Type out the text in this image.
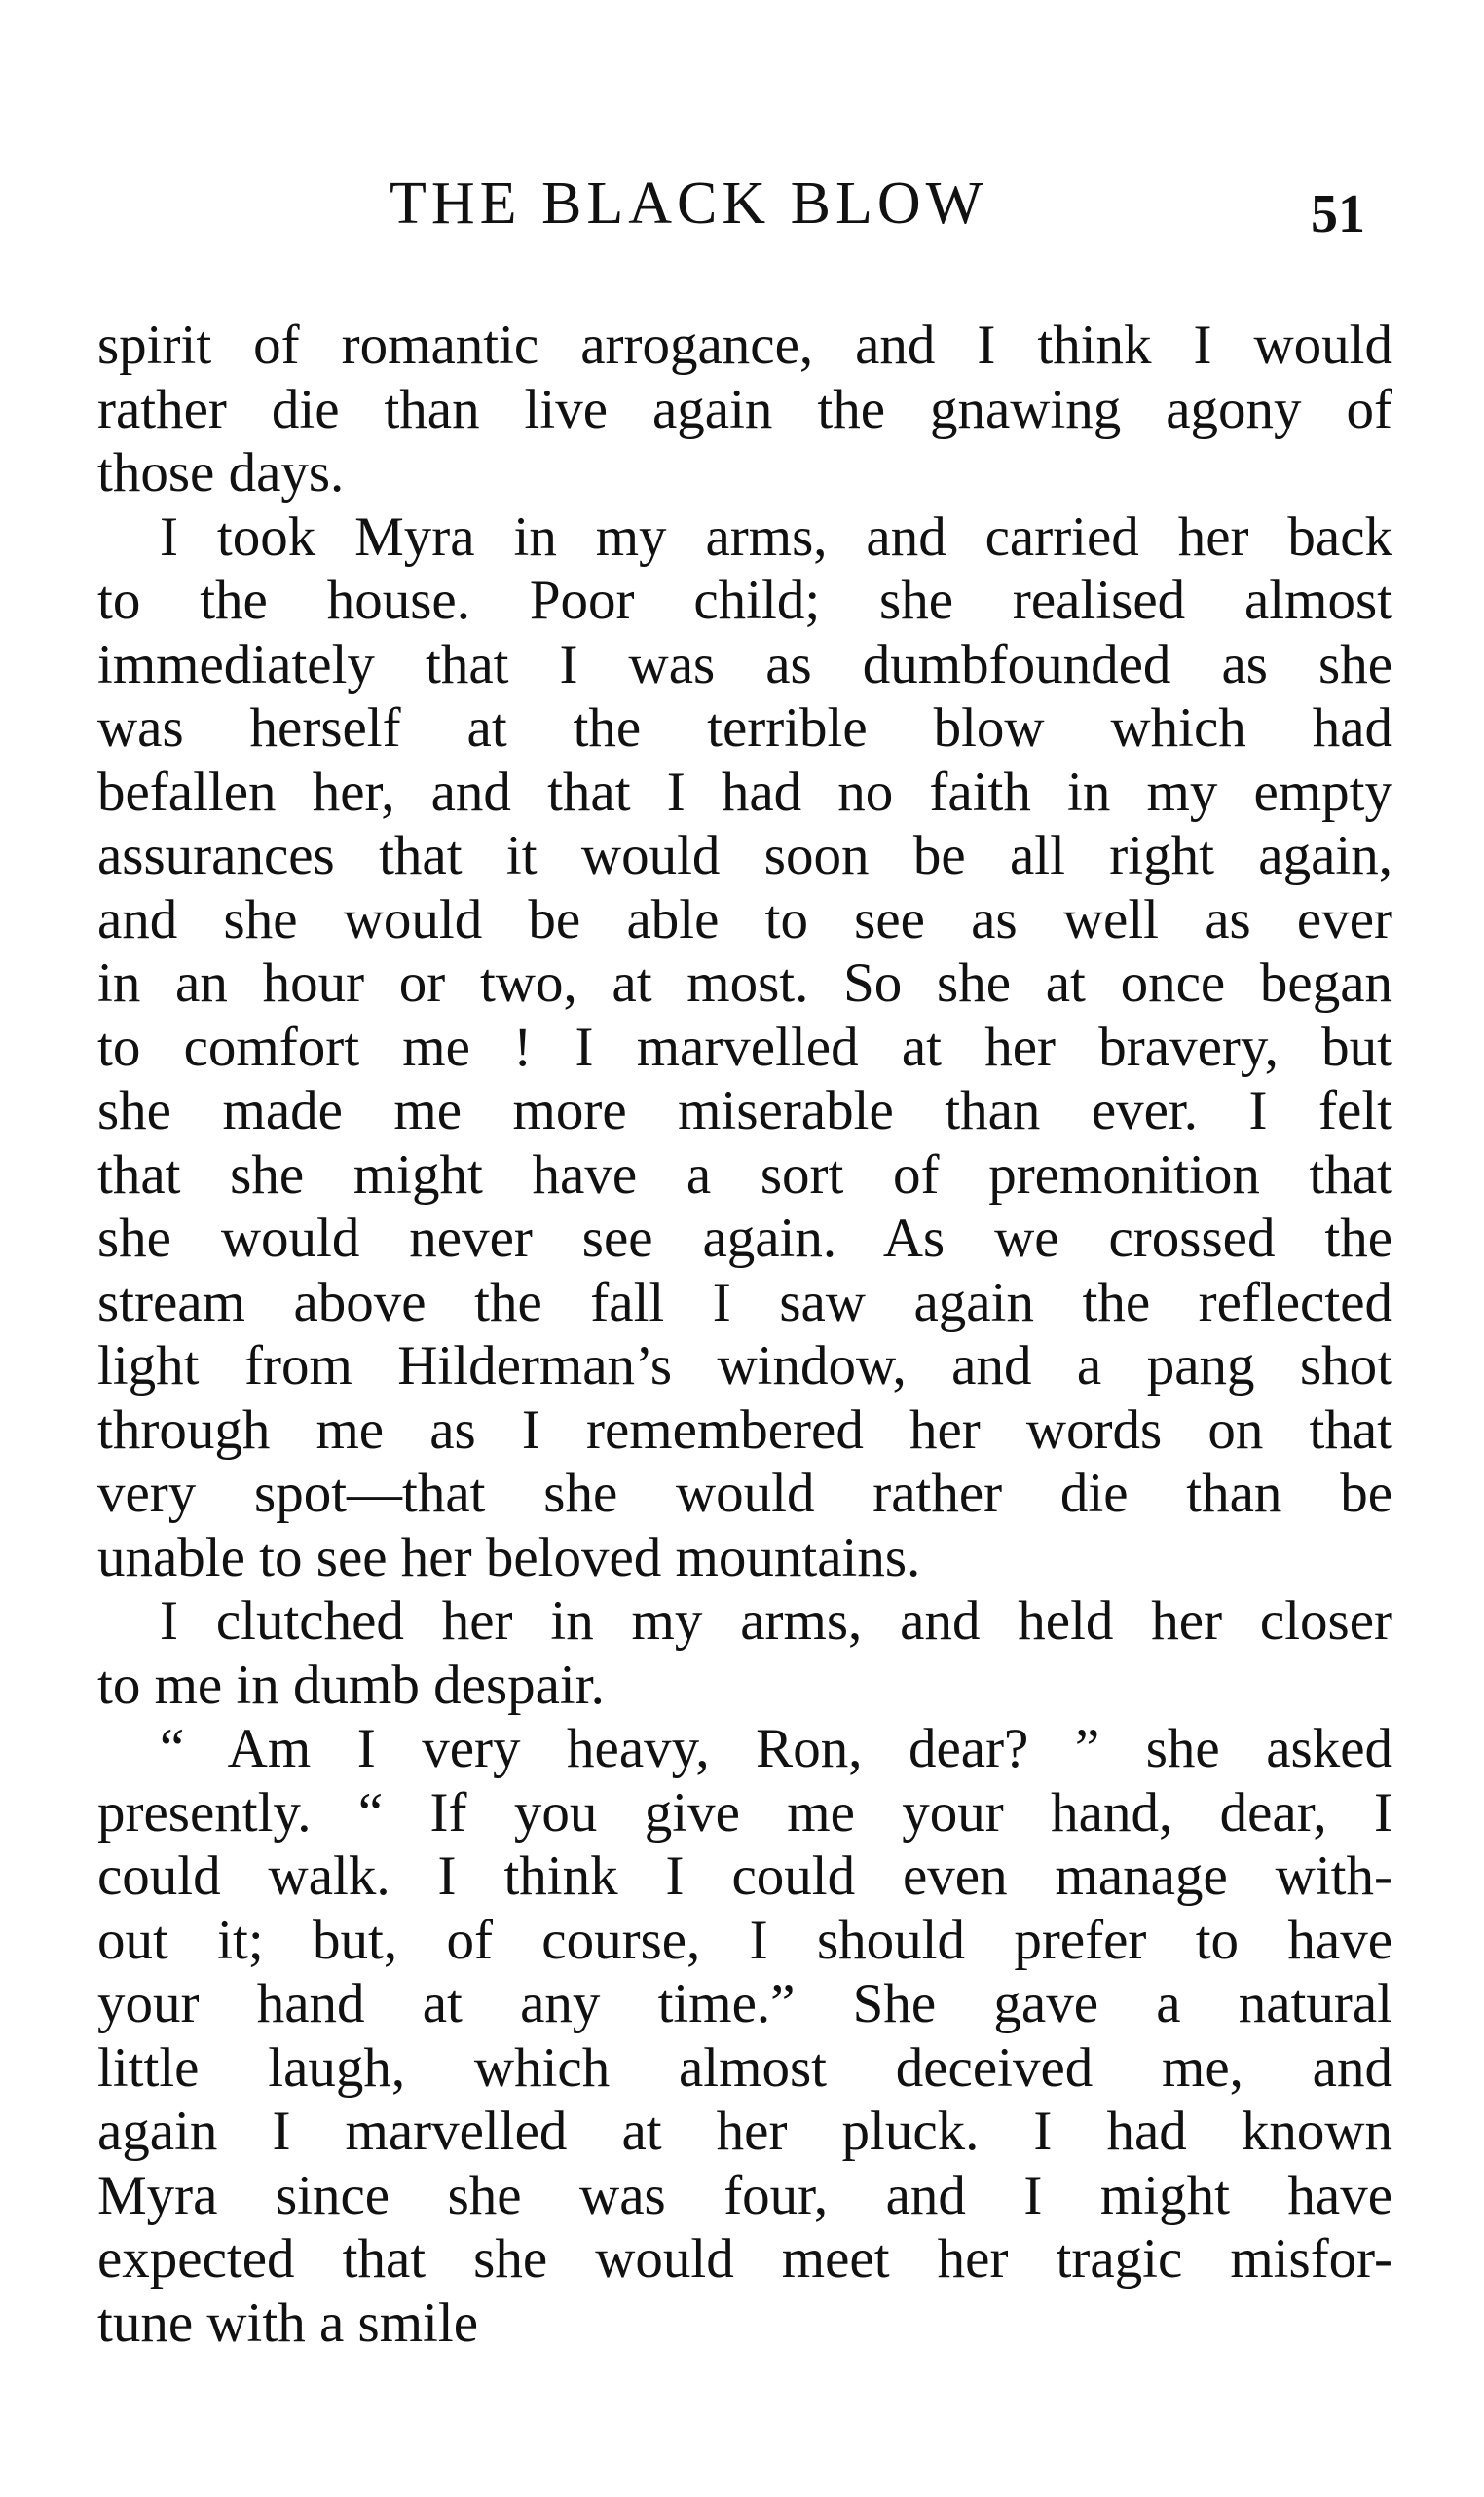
THE BLACK BLOW	51
spirit of romantic arrogance, and I think I would
rather die than live again the gnawing agony of
those days.
I took Myra in my arms, and carried her back
to the house. Poor child; she realised almost
immediately that I was as dumbfounded as she
was herself at the terrible blow which had
befallen her, and that I had no faith in my empty
assurances that it would soon be all right again,
and she would be able to see as well as ever
in an hour or two, at most. So she at once began
to comfort me ! I marvelled at her bravery, but
she made me more miserable than ever. I felt
that she might have a sort of premonition that
she would never see again. As we crossed the
stream above the fall I saw again the reflected
light from Hilderman’s window, and a pang shot
through me as I remembered her words on that
very spot—that she would rather die than be
unable to see her beloved mountains.
I clutched her in my arms, and held her closer
to me in dumb despair.
“ Am I very heavy, Ron, dear? ” she asked
presently. “ If you give me your hand, dear, I
could walk. I think I could even manage with-
out it; but, of course, I should prefer to have
your hand at any time.” She gave a natural
little laugh, which almost deceived me, and
again I marvelled at her pluck. I had known
Myra since she was four, and I might have
expected that she would meet her tragic misfor-
tune with a smile
